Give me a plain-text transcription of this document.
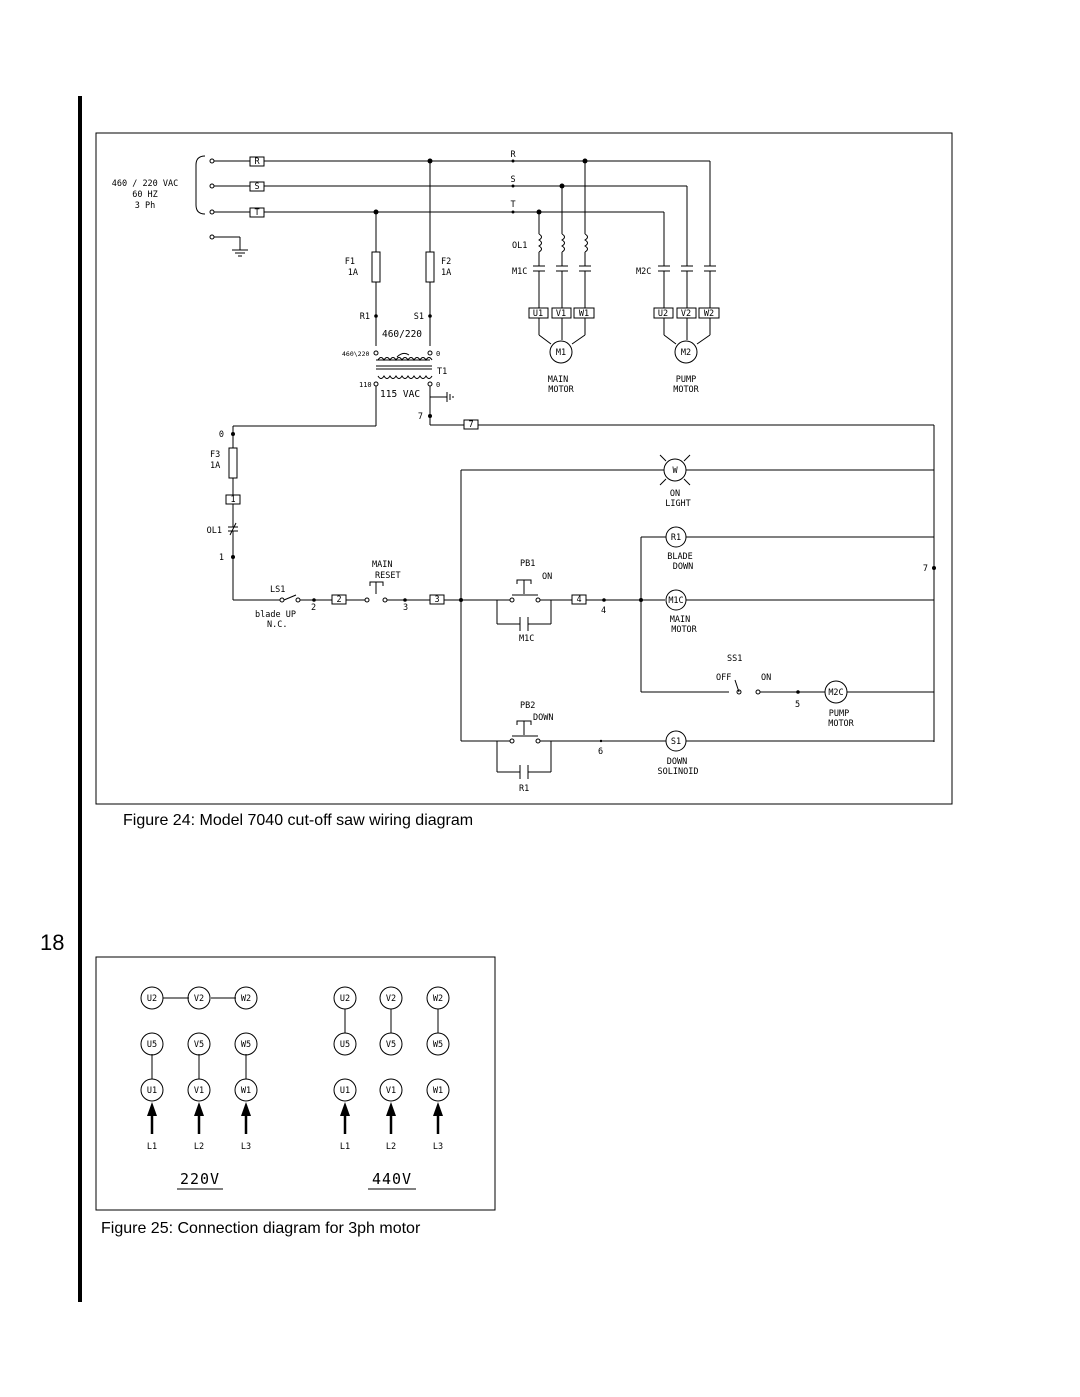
18
460 / 220 VAC
60 HZ
3 Ph
R
S
T
R
S
T
F1
1A
F2
1A
R1	S1
460/220
460\220	0
T1
110	0
115 VAC
0
7
7
7
F3
1A
1
OL1
1
LS1
blade UP
N.C.
2
2
MAIN
RESET
3
3
PB1
ON
M1C
4
4
W
ON
LIGHT
R1
BLADE
DOWN
M1C
MAIN
MOTOR
SS1
OFF	ON
5
M2C
PUMP
MOTOR
PB2
DOWN
R1
6
S1
DOWN
SOLINOID
OL1
M1C	M2C
U1 V1 W1
M1
MAIN
MOTOR
U2 V2 W2
M2
PUMP
MOTOR
U2	V2	W2
U5	V5	W5
U1	V1	W1
L1	L2	L3
220V
U2	V2	W2
U5	V5	W5
U1	V1	W1
L1	L2	L3
440V
Figure 24: Model 7040 cut-off saw wiring diagram
Figure 25: Connection diagram for 3ph motor
